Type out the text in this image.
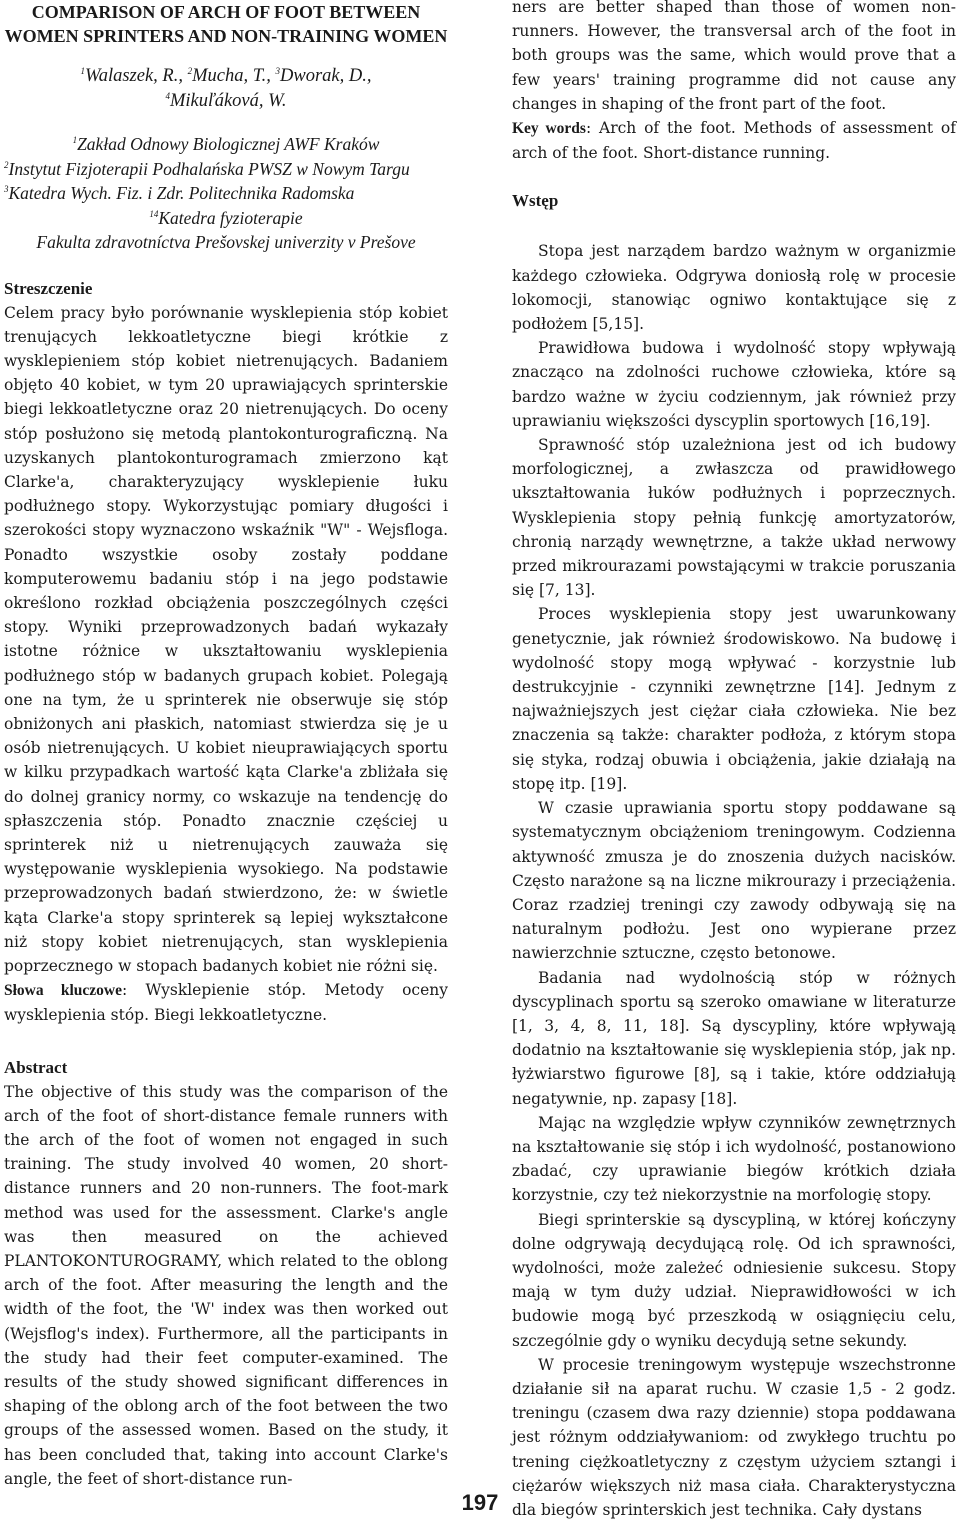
COMPARISON OF ARCH OF FOOT BETWEEN WOMEN SPRINTERS AND NON-TRAINING WOMEN

$^1$Walaszek, R., $^2$Mucha, T., $^3$Dworak, D.,
$^4$Mikuľáková, W.

$^1$Zakład Odnowy Biologicznej AWF Kraków

$^2$Instytut Fizjoterapii Podhalańska PWSZ w Nowym Targu

$^3$Katedra Wych. Fiz. i Zdr. Politechnika Radomska

$^{14}$Katedra fyzioterapie

Fakulta zdravotníctva Prešovskej univerzity v Prešove

Streszczenie

Celem pracy było porównanie wysklepienia stóp kobiet trenujących lekkoatletyczne biegi krótkie z wysklepieniem stóp kobiet nietrenujących. Badaniem objęto 40 kobiet, w tym 20 uprawiających sprinterskie biegi lekkoatletyczne oraz 20 nietrenujących. Do oceny stóp posłużono się metodą plantokonturograficzną. Na uzyskanych plantokonturogramach zmierzono kąt Clarke'a, charakteryzujący wysklepienie łuku podłużnego stopy. Wykorzystując pomiary długości i szerokości stopy wyznaczono wskaźnik "W" - Wejsfloga. Ponadto wszystkie osoby zostały poddane komputerowemu badaniu stóp i na jego podstawie określono rozkład obciążenia poszczególnych części stopy. Wyniki przeprowadzonych badań wykazały istotne różnice w ukształtowaniu wysklepienia podłużnego stóp w badanych grupach kobiet. Polegają one na tym, że u sprinterek nie obserwuje się stóp obniżonych ani płaskich, natomiast stwierdza się je u osób nietrenujących. U kobiet nieuprawiających sportu w kilku przypadkach wartość kąta Clarke'a zbliżała się do dolnej granicy normy, co wskazuje na tendencję do spłaszczenia stóp. Ponadto znacznie częściej u sprinterek niż u nietrenujących zauważa się występowanie wysklepienia wysokiego. Na podstawie przeprowadzonych badań stwierdzono, że: w świetle kąta Clarke'a stopy sprinterek są lepiej wykształcone niż stopy kobiet nietrenujących, stan wysklepienia poprzecznego w stopach badanych kobiet nie różni się.

Słowa kluczowe: Wysklepienie stóp. Metody oceny wysklepienia stóp. Biegi lekkoatletyczne.

Abstract

The objective of this study was the comparison of the arch of the foot of short-distance female runners with the arch of the foot of women not engaged in such training. The study involved 40 women, 20 short-distance runners and 20 non-runners. The foot-mark method was used for the assessment. Clarke's angle was then measured on the achieved PLANTOKONTUROGRAMY, which related to the oblong arch of the foot. After measuring the length and the width of the foot, the 'W' index was then worked out (Wejsflog's index). Furthermore, all the participants in the study had their feet computer-examined. The results of the study showed significant differences in shaping of the oblong arch of the foot between the two groups of the assessed women. Based on the study, it has been concluded that, taking into account Clarke's angle, the feet of short-distance run-

ners are better shaped than those of women non-runners. However, the transversal arch of the foot in both groups was the same, which would prove that a few years' training programme did not cause any changes in shaping of the front part of the foot.

Key words: Arch of the foot. Methods of assessment of arch of the foot. Short-distance running.

Wstęp

Stopa jest narządem bardzo ważnym w organizmie każdego człowieka. Odgrywa doniosłą rolę w procesie lokomocji, stanowiąc ogniwo kontaktujące się z podłożem [5,15].

Prawidłowa budowa i wydolność stopy wpływają znacząco na zdolności ruchowe człowieka, które są bardzo ważne w życiu codziennym, jak również przy uprawianiu większości dyscyplin sportowych [16,19].

Sprawność stóp uzależniona jest od ich budowy morfologicznej, a zwłaszcza od prawidłowego ukształtowania łuków podłużnych i poprzecznych. Wysklepienia stopy pełnią funkcję amortyzatorów, chronią narządy wewnętrzne, a także układ nerwowy przed mikrourazami powstającymi w trakcie poruszania się [7, 13].

Proces wysklepienia stopy jest uwarunkowany genetycznie, jak również środowiskowo. Na budowę i wydolność stopy mogą wpływać - korzystnie lub destrukcyjnie - czynniki zewnętrzne [14]. Jednym z najważniejszych jest ciężar ciała człowieka. Nie bez znaczenia są także: charakter podłoża, z którym stopa się styka, rodzaj obuwia i obciążenia, jakie działają na stopę itp. [19].

W czasie uprawiania sportu stopy poddawane są systematycznym obciążeniom treningowym. Codzienna aktywność zmusza je do znoszenia dużych nacisków. Często narażone są na liczne mikrourazy i przeciążenia. Coraz rzadziej treningi czy zawody odbywają się na naturalnym podłożu. Jest ono wypierane przez nawierzchnie sztuczne, często betonowe.

Badania nad wydolnością stóp w różnych dyscyplinach sportu są szeroko omawiane w literaturze [1, 3, 4, 8, 11, 18]. Są dyscypliny, które wpływają dodatnio na kształtowanie się wysklepienia stóp, jak np. łyżwiarstwo figurowe [8], są i takie, które oddziałują negatywnie, np. zapasy [18].

Mając na względzie wpływ czynników zewnętrznych na kształtowanie się stóp i ich wydolność, postanowiono zbadać, czy uprawianie biegów krótkich działa korzystnie, czy też niekorzystnie na morfologię stopy.

Biegi sprinterskie są dyscypliną, w której kończyny dolne odgrywają decydującą rolę. Od ich sprawności, wydolności, może zależeć odniesienie sukcesu. Stopy mają w tym duży udział. Nieprawidłowości w ich budowie mogą być przeszkodą w osiągnięciu celu, szczególnie gdy o wyniku decydują setne sekundy.

W procesie treningowym występuje wszechstronne działanie sił na aparat ruchu. W czasie 1,5 - 2 godz. treningu (czasem dwa razy dziennie) stopa poddawana jest różnym oddziaływaniom: od zwykłego truchtu po trening ciężkoatletyczny z częstym użyciem sztangi i ciężarów większych niż masa ciała. Charakterystyczna dla biegów sprinterskich jest technika. Cały dystans

197
